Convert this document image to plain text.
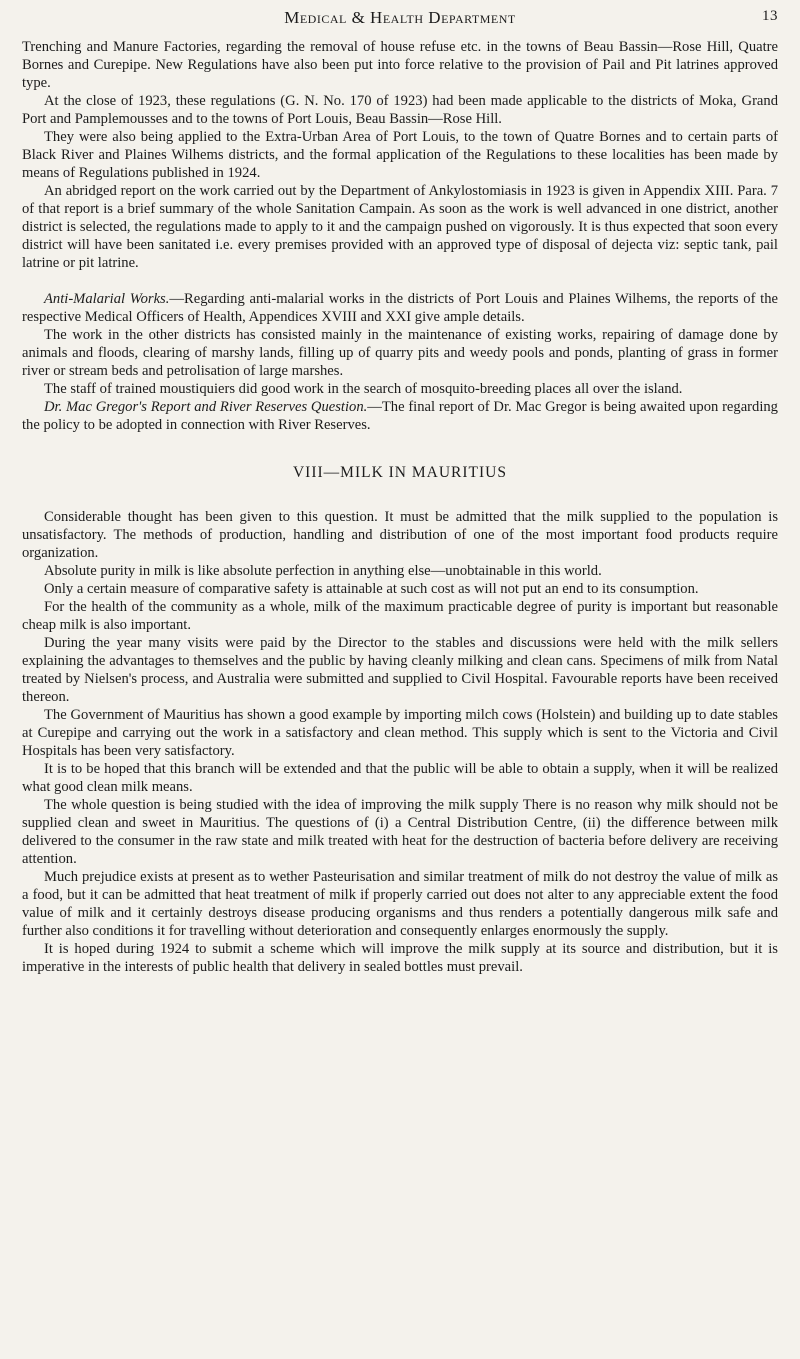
Medical & Health Department	13

Trenching and Manure Factories, regarding the removal of house refuse etc. in the towns of Beau Bassin—Rose Hill, Quatre Bornes and Curepipe. New Regulations have also been put into force relative to the provision of Pail and Pit latrines approved type.

At the close of 1923, these regulations (G. N. No. 170 of 1923) had been made applicable to the districts of Moka, Grand Port and Pamplemousses and to the towns of Port Louis, Beau Bassin—Rose Hill.

They were also being applied to the Extra-Urban Area of Port Louis, to the town of Quatre Bornes and to certain parts of Black River and Plaines Wilhems districts, and the formal application of the Regulations to these localities has been made by means of Regulations published in 1924.

An abridged report on the work carried out by the Department of Ankylostomiasis in 1923 is given in Appendix XIII. Para. 7 of that report is a brief summary of the whole Sanitation Campain. As soon as the work is well advanced in one district, another district is selected, the regulations made to apply to it and the campaign pushed on vigorously. It is thus expected that soon every district will have been sanitated i.e. every premises provided with an approved type of disposal of dejecta viz: septic tank, pail latrine or pit latrine.

Anti-Malarial Works.—Regarding anti-malarial works in the districts of Port Louis and Plaines Wilhems, the reports of the respective Medical Officers of Health, Appendices XVIII and XXI give ample details.

The work in the other districts has consisted mainly in the maintenance of existing works, repairing of damage done by animals and floods, clearing of marshy lands, filling up of quarry pits and weedy pools and ponds, planting of grass in former river or stream beds and petrolisation of large marshes.

The staff of trained moustiquiers did good work in the search of mosquito-breeding places all over the island.

Dr. Mac Gregor's Report and River Reserves Question.—The final report of Dr. Mac Gregor is being awaited upon regarding the policy to be adopted in connection with River Reserves.

VIII—MILK IN MAURITIUS

Considerable thought has been given to this question. It must be admitted that the milk supplied to the population is unsatisfactory. The methods of production, handling and distribution of one of the most important food products require organization.

Absolute purity in milk is like absolute perfection in anything else—unobtainable in this world.

Only a certain measure of comparative safety is attainable at such cost as will not put an end to its consumption.

For the health of the community as a whole, milk of the maximum practicable degree of purity is important but reasonable cheap milk is also important.

During the year many visits were paid by the Director to the stables and discussions were held with the milk sellers explaining the advantages to themselves and the public by having cleanly milking and clean cans. Specimens of milk from Natal treated by Nielsen's process, and Australia were submitted and supplied to Civil Hospital. Favourable reports have been received thereon.

The Government of Mauritius has shown a good example by importing milch cows (Holstein) and building up to date stables at Curepipe and carrying out the work in a satisfactory and clean method. This supply which is sent to the Victoria and Civil Hospitals has been very satisfactory.

It is to be hoped that this branch will be extended and that the public will be able to obtain a supply, when it will be realized what good clean milk means.

The whole question is being studied with the idea of improving the milk supply There is no reason why milk should not be supplied clean and sweet in Mauritius. The questions of (i) a Central Distribution Centre, (ii) the difference between milk delivered to the consumer in the raw state and milk treated with heat for the destruction of bacteria before delivery are receiving attention.

Much prejudice exists at present as to wether Pasteurisation and similar treatment of milk do not destroy the value of milk as a food, but it can be admitted that heat treatment of milk if properly carried out does not alter to any appreciable extent the food value of milk and it certainly destroys disease producing organisms and thus renders a potentially dangerous milk safe and further also conditions it for travelling without deterioration and consequently enlarges enormously the supply.

It is hoped during 1924 to submit a scheme which will improve the milk supply at its source and distribution, but it is imperative in the interests of public health that delivery in sealed bottles must prevail.
